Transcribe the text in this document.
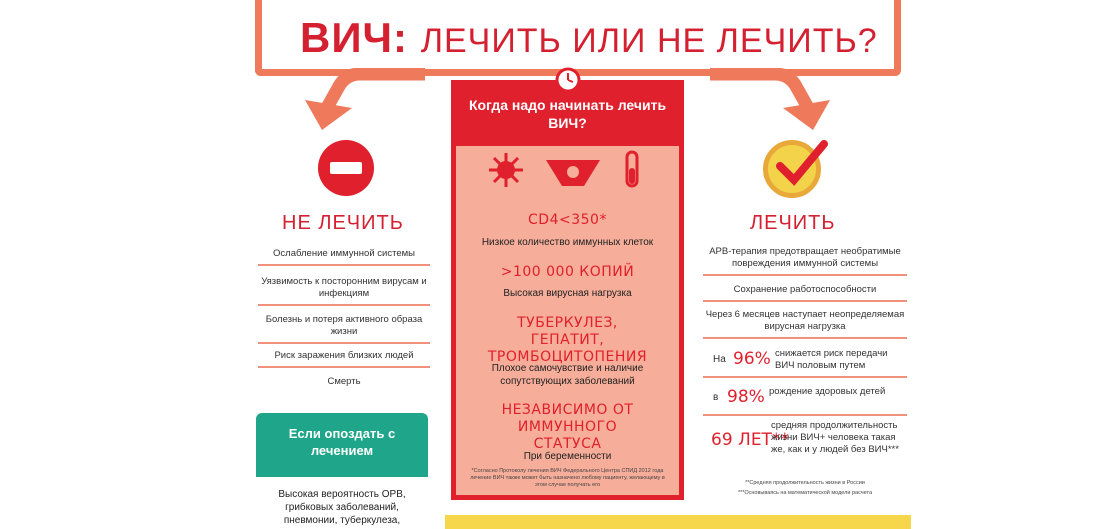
ВИЧ: ЛЕЧИТЬ ИЛИ НЕ ЛЕЧИТЬ?
НЕ ЛЕЧИТЬ
Ослабление иммунной системы
Уязвимость к посторонним вирусам и инфекциям
Болезнь и потеря активного образа жизни
Риск заражения близких людей
Смерть
Если опоздать с лечением
Высокая вероятность ОРВ, грибковых заболеваний, пневмонии, туберкулеза,
Когда надо начинать лечить ВИЧ?
CD4<350*
Низкое количество иммунных клеток
>100 000 КОПИЙ
Высокая вирусная нагрузка
ТУБЕРКУЛЕЗ, ГЕПАТИТ, ТРОМБОЦИТОПЕНИЯ
Плохое самочувствие и наличие сопутствующих заболеваний
НЕЗАВИСИМО ОТ ИММУННОГО СТАТУСА
При беременности
*Согласно Протоколу лечения ВИЧ Федерального Центра СПИД 2012 года лечение ВИЧ также может быть назначено любому пациенту, желающему в этом случае получать его
ЛЕЧИТЬ
АРВ-терапия предотвращает необратимые повреждения иммунной системы
Сохранение работоспособности
Через 6 месяцев наступает неопределяемая вирусная нагрузка
На 96% снижается риск передачи ВИЧ половым путем
в 98% рождение здоровых детей
69 ЛЕТ**
средняя продолжительность жизни ВИЧ+ человека такая же, как и у людей без ВИЧ***
**Средняя продолжительность жизни в России
***Основываясь на математической модели расчета
